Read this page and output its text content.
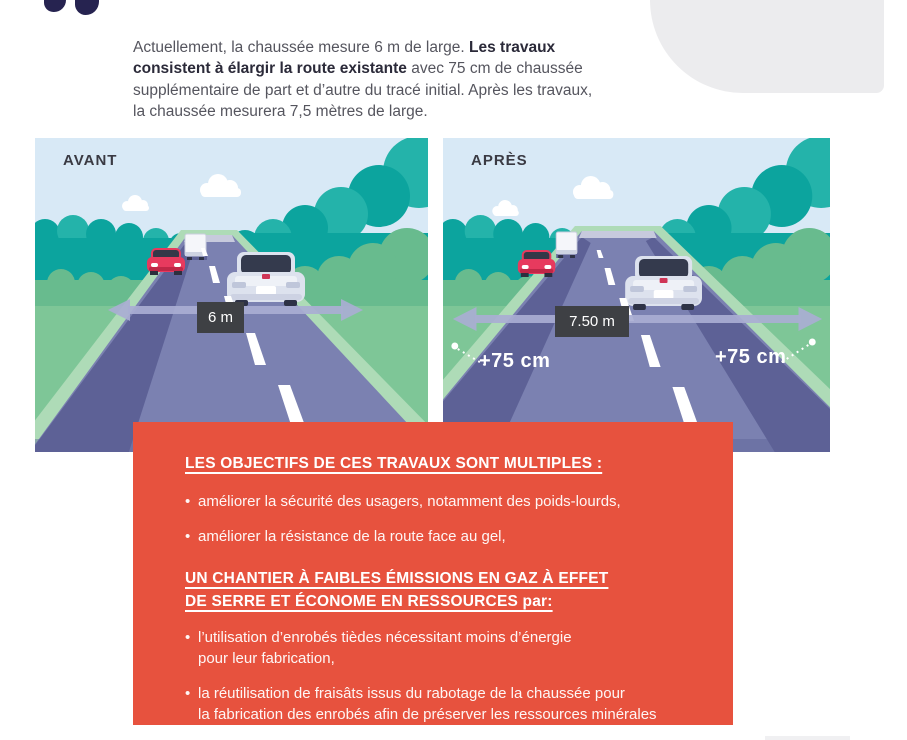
Actuellement, la chaussée mesure 6 m de large. Les travaux
consistent à élargir la route existante avec 75 cm de chaussée
supplémentaire de part et d’autre du tracé initial. Après les travaux,
la chaussée mesurera 7,5 mètres de large.

AVANT
6 m
APRÈS
7.50 m
+75 cm	+75 cm
LES OBJECTIFS DE CES TRAVAUX SONT MULTIPLES :
• améliorer la sécurité des usagers, notamment des poids-lourds,
• améliorer la résistance de la route face au gel,
UN CHANTIER À FAIBLES ÉMISSIONS EN GAZ À EFFET
DE SERRE ET ÉCONOME EN RESSOURCES par:
• l’utilisation d’enrobés tièdes nécessitant moins d’énergie
pour leur fabrication,
• la réutilisation de fraisâts issus du rabotage de la chaussée pour
la fabrication des enrobés afin de préserver les ressources minérales
